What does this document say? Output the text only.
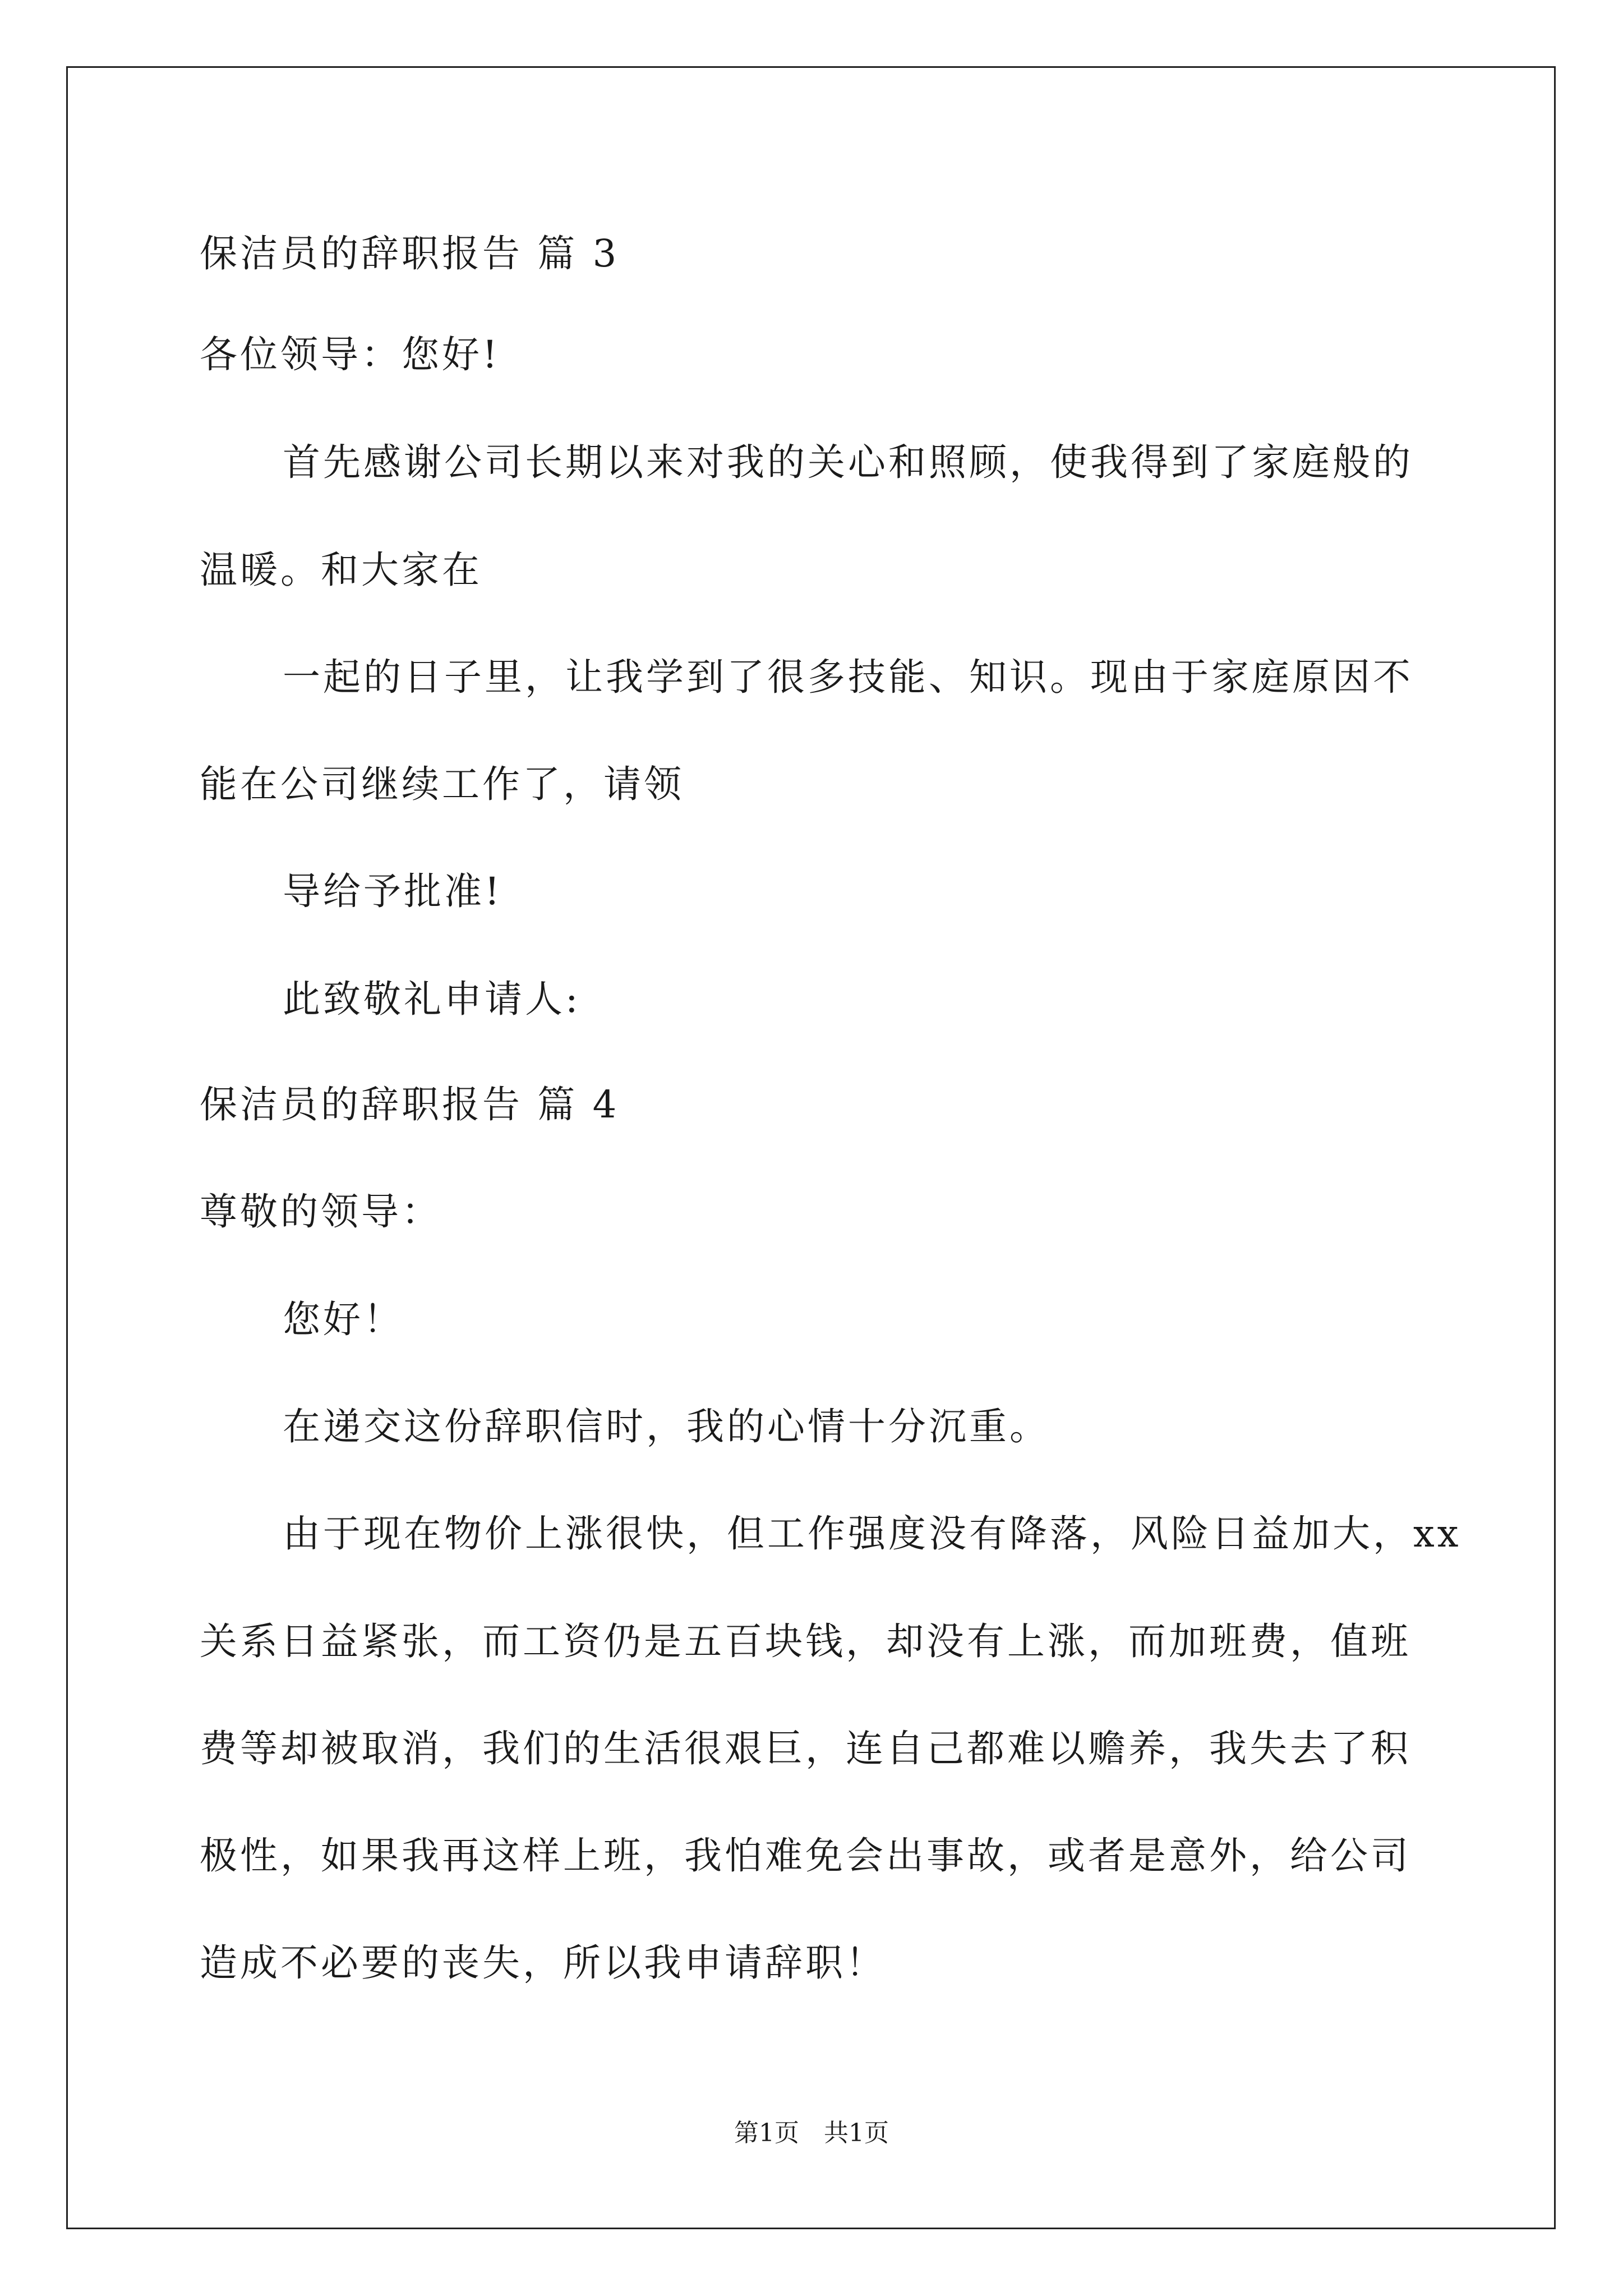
保洁员的辞职报告 篇 3
各位领导：您好!
首先感谢公司长期以来对我的关心和照顾，使我得到了家庭般的
温暖。和大家在
一起的日子里，让我学到了很多技能、知识。现由于家庭原因不
能在公司继续工作了，请领
导给予批准!
此致敬礼申请人:
保洁员的辞职报告 篇 4
尊敬的领导：
您好！
在递交这份辞职信时，我的心情十分沉重。
由于现在物价上涨很快，但工作强度没有降落，风险日益加大，xx
关系日益紧张，而工资仍是五百块钱，却没有上涨，而加班费，值班
费等却被取消，我们的生活很艰巨，连自己都难以赡养，我失去了积
极性，如果我再这样上班，我怕难免会出事故，或者是意外，给公司
造成不必要的丧失，所以我申请辞职！
第1页　共1页
